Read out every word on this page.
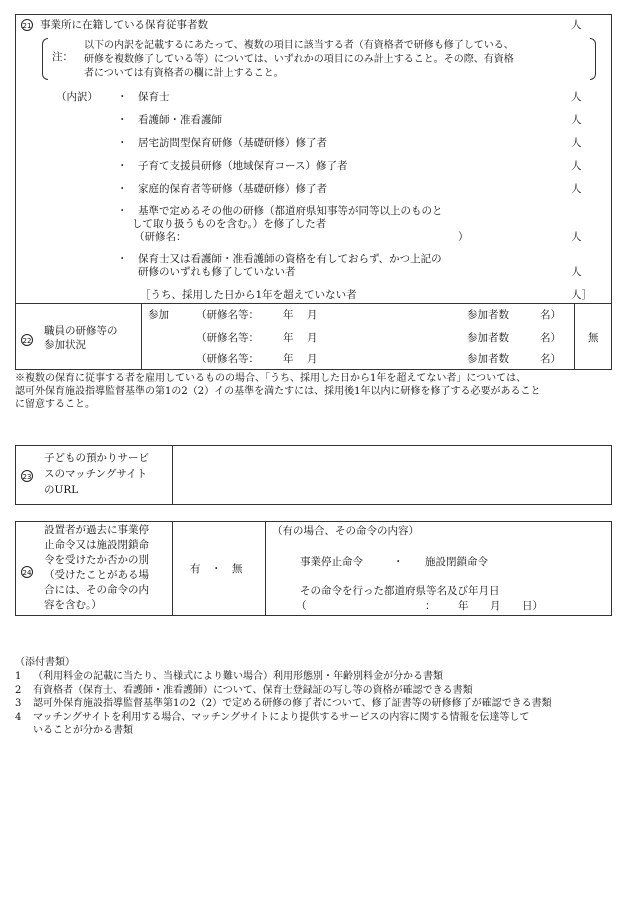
21 事業所に在籍している保育従事者数	人
注：
以下の内訳を記載するにあたって、複数の項目に該当する者（有資格者で研修も修了している、
研修を複数修了している等）については、いずれかの項目にのみ計上すること。その際、有資格
者については有資格者の欄に計上すること。
（内訳） ・ 保育士	人
・ 看護師・准看護師	人
・ 居宅訪問型保育研修（基礎研修）修了者	人
・ 子育て支援員研修（地域保育コース）修了者	人
・ 家庭的保育者等研修（基礎研修）修了者	人
・ 基準で定めるその他の研修（都道府県知事等が同等以上のものと
して取り扱うものを含む。）を修了した者
（研修名：	）	人
・ 保育士又は看護師・准看護師の資格を有しておらず、かつ上記の
研修のいずれも修了していない者	人
［うち、採用した日から1年を超えていない者	人］
22
職員の研修等の
参加状況
参加	（研修名等： 年 月	参加者数	名）
（研修名等： 年 月	参加者数	名）
（研修名等： 年 月	参加者数	名）
無
※複数の保育に従事する者を雇用しているものの場合、「うち、採用した日から1年を超えてない者」については、
認可外保育施設指導監督基準の第1の2（2）イの基準を満たすには、採用後1年以内に研修を修了する必要があること
に留意すること。
23
子どもの預かりサービ
スのマッチングサイト
のURL
24
設置者が過去に事業停
止命令又は施設閉鎖命
令を受けたか否かの別
（受けたことがある場
合には、その命令の内
容を含む。）
有　・　無
（有の場合、その命令の内容）
事業停止命令	・ 施設閉鎖命令
その命令を行った都道府県等名及び年月日
（	： 年 月 日）
（添付書類）
1 （利用料金の記載に当たり、当様式により難い場合）利用形態別・年齢別料金が分かる書類
2 有資格者（保育士、看護師・准看護師）について、保育士登録証の写し等の資格が確認できる書類
3 認可外保育施設指導監督基準第1の2（2）で定める研修の修了者について、修了証書等の研修修了が確認できる書類
4 マッチングサイトを利用する場合、マッチングサイトにより提供するサービスの内容に関する情報を伝達等して
いることが分かる書類
